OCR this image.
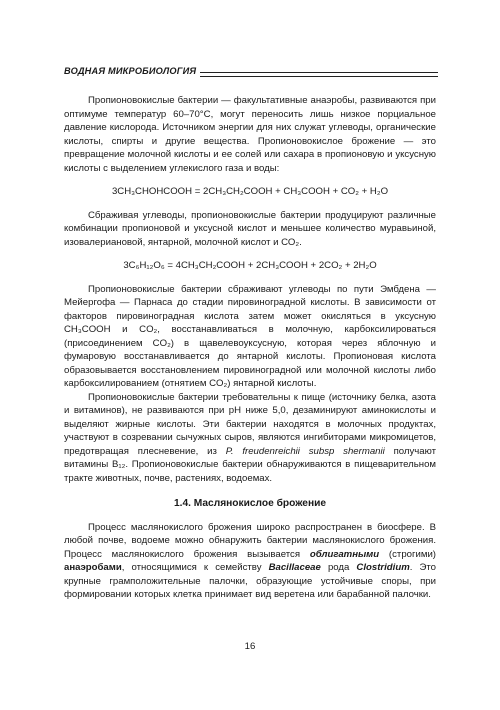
ВОДНАЯ МИКРОБИОЛОГИЯ

Пропионовокислые бактерии — факультативные анаэробы, развиваются при оптимуме температур 60–70°С, могут переносить лишь низкое порциальное давление кислорода. Источником энергии для них служат углеводы, органические кислоты, спирты и другие вещества. Пропионовокислое брожение — это превращение молочной кислоты и ее солей или сахара в пропионовую и уксусную кислоты с выделением углекислого газа и воды:

3CH₃CHOHCOOH = 2CH₃CH₂COOH + CH₃COOH + CO₂ + H₂O

Сбраживая углеводы, пропионовокислые бактерии продуцируют различные комбинации пропионовой и уксусной кислот и меньшее количество муравьиной, изовалериановой, янтарной, молочной кислот и СО₂.

3C₆H₁₂O₆ = 4CH₃CH₂COOH + 2CH₃COOH + 2CO₂ + 2H₂O

Пропионовокислые бактерии сбраживают углеводы по пути Эмбдена — Мейергофа — Парнаса до стадии пировиноградной кислоты. В зависимости от факторов пировиноградная кислота затем может окисляться в уксусную CH₃COOH и CO₂, восстанавливаться в молочную, карбоксилироваться (присоединением CO₂) в щавелевоуксусную, которая через яблочную и фумаровую восстанавливается до янтарной кислоты. Пропионовая кислота образовывается восстановлением пировиноградной или молочной кислоты либо карбоксилированием (отнятием CO₂) янтарной кислоты.

Пропионовокислые бактерии требовательны к пище (источнику белка, азота и витаминов), не развиваются при pH ниже 5,0, дезаминируют аминокислоты и выделяют жирные кислоты. Эти бактерии находятся в молочных продуктах, участвуют в созревании сычужных сыров, являются ингибиторами микромицетов, предотвращая плесневение, из P. freudenreichii subsp shermanii получают витамины B₁₂. Пропионовокислые бактерии обнаруживаются в пищеварительном тракте животных, почве, растениях, водоемах.

1.4. Маслянокислое брожение

Процесс маслянокислого брожения широко распространен в биосфере. В любой почве, водоеме можно обнаружить бактерии маслянокислого брожения. Процесс маслянокислого брожения вызывается облигатными (строгими) анаэробами, относящимися к семейству Bacillaceae рода Clostridium. Это крупные грамположительные палочки, образующие устойчивые споры, при формировании которых клетка принимает вид веретена или барабанной палочки.

16
